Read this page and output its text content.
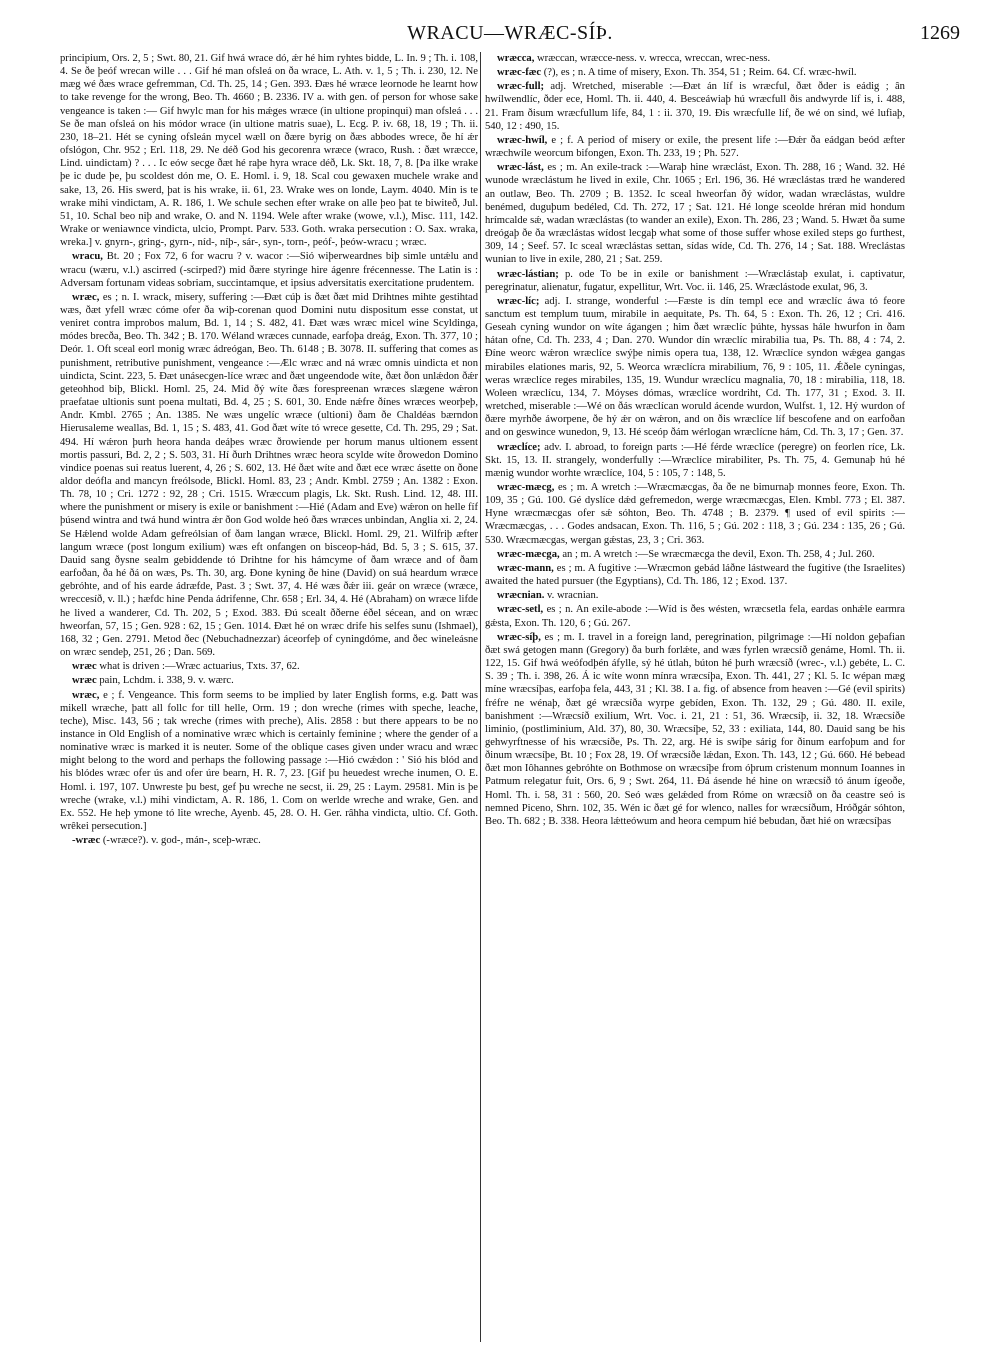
WRACU—WRÆC-SÍÞ.	1269

principium, Ors. 2, 5 ; Swt. 80, 21. Gif hwá wrace dó, ǽr hé him ryhtes bidde, L. In. 9 ; Th. i. 108, 4. Se ðe þeóf wrecan wille . . . Gif hé man ofsleá on ða wrace, L. Ath. v. 1, 5 ; Th. i. 230, 12. Ne mæg wé ðæs wrace gefremman, Cd. Th. 25, 14 ; Gen. 393. Ðæs hé wræce leornode he learnt how to take revenge for the wrong, Beo. Th. 4660 ; B. 2336. IV a. with gen. of person for whose sake vengeance is taken :— Gif hwylc man for his mǽges wræce (in ultione propinqui) man ofsleá . . . Se ðe man ofsleá on his módor wrace (in ultione matris suae), L. Ecg. P. iv. 68, 18, 19 ; Th. ii. 230, 18–21. Hét se cyning ofsleán mycel wæll on ðære byrig on ðæs abbodes wrece, ðe hí ǽr ofslógon, Chr. 952 ; Erl. 118, 29. Ne déð God his gecorenra wræce (wraco, Rush. : ðæt wræcce, Lind. uindictam) ? . . . Ic eów secge ðæt hé raþe hyra wrace déð, Lk. Skt. 18, 7, 8. [Þa ilke wrake þe ic dude þe, þu scoldest dón me, O. E. Homl. i. 9, 18. Scal cou gewaxen muchele wrake and sake, 13, 26. His swerd, þat is his wrake, ii. 61, 23. Wrake wes on londe, Laym. 4040. Min is te wrake mihi vindictam, A. R. 186, 1. We schule sechen efter wrake on alle þeo þat te biwiteð, Jul. 51, 10. Schal beo niþ and wrake, O. and N. 1194. Wele after wrake (wowe, v.l.), Misc. 111, 142. Wrake or weniawnce vindicta, ulcio, Prompt. Parv. 533. Goth. wraka persecution : O. Sax. wraka, wreka.] v. gnyrn-, gring-, gyrn-, níd-, níþ-, sár-, syn-, torn-, peóf-, þeów-wracu ; wræc.

wracu, Bt. 20 ; Fox 72, 6 for wacru ? v. wacor :—Sió wiþerweardnes biþ simle untǽlu and wracu (wæru, v.l.) ascirred (-scirped?) mid ðære styringe hire ágenre frécennesse. The Latin is : Adversam fortunam videas sobriam, succintamque, et ipsius adversitatis exercitatione prudentem.

wræc, es ; n. I. wrack, misery, suffering :—Ðæt cúþ is ðæt ðæt mid Drihtnes mihte gestihtad wæs, ðæt yfell wræc cóme ofer ða wiþ-corenan quod Domini nutu dispositum esse constat, ut veniret contra improbos malum, Bd. 1, 14 ; S. 482, 41. Ðæt wæs wræc micel wine Scyldinga, módes brecða, Beo. Th. 342 ; B. 170. Wéland wræces cunnade, earfoþa dreág, Exon. Th. 377, 10 ; Deór. 1. Oft sceal eorl monig wræc ádreógan, Beo. Th. 6148 ; B. 3078. II. suffering that comes as punishment, retributive punishment, vengeance :—Ælc wræc and ná wræc omnis uindicta et non uindicta, Scint. 223, 5. Ðæt unásecgen-líce wræc and ðæt ungeendode wíte, ðæt ðon unlǽdon ðǽr geteohhod biþ, Blickl. Homl. 25, 24. Mid ðý wíte ðæs forespreenan wræces slægene wǽron praefatae ultionis sunt poena multati, Bd. 4, 25 ; S. 601, 30. Ende nǽfre ðínes wræces weorþeþ, Andr. Kmbl. 2765 ; An. 1385. Ne wæs ungelíc wræce (ultioni) ðam ðe Chaldéas bærndon Hierusaleme weallas, Bd. 1, 15 ; S. 483, 41. God ðæt wíte tó wrece gesette, Cd. Th. 295, 29 ; Sat. 494. Hí wǽron þurh heora handa deáþes wræc ðrowiende per horum manus ultionem essent mortis passuri, Bd. 2, 2 ; S. 503, 31. Hí ðurh Drihtnes wræc heora scylde wíte ðrowedon Domino vindice poenas sui reatus luerent, 4, 26 ; S. 602, 13. Hé ðæt wíte and ðæt ece wræc ásette on ðone aldor deófla and mancyn freólsode, Blickl. Homl. 83, 23 ; Andr. Kmbl. 2759 ; An. 1382 : Exon. Th. 78, 10 ; Cri. 1272 : 92, 28 ; Cri. 1515. Wræccum plagis, Lk. Skt. Rush. Lind. 12, 48. III. where the punishment or misery is exile or banishment :—Hié (Adam and Eve) wǽron on helle fíf þúsend wintra and twá hund wintra ǽr ðon God wolde heó ðæs wræces unbindan, Anglia xi. 2, 24. Se Hǽlend wolde Adam gefreólsian of ðam langan wræce, Blickl. Homl. 29, 21. Wilfriþ æfter langum wræce (post longum exilium) wæs eft onfangen on bisceop-hád, Bd. 5, 3 ; S. 615, 37. Dauid sang ðysne sealm gebiddende tó Drihtne for his hámcyme of ðam wræce and of ðam earfoðan, ða hé ðá on wæs, Ps. Th. 30, arg. Ðone kyning ðe hine (David) on suá heardum wræce gebróhte, and of his earde ádræfde, Past. 3 ; Swt. 37, 4. Hé wæs ðǽr iii. geár on wræce (wræce, wreccesíð, v. ll.) ; hæfdc hine Penda ádrifenne, Chr. 658 ; Erl. 34, 4. Hé (Abraham) on wræce lifde he lived a wanderer, Cd. Th. 202, 5 ; Exod. 383. Ðú scealt ððerne éðel sécean, and on wræc hweorfan, 57, 15 ; Gen. 928 : 62, 15 ; Gen. 1014. Ðæt hé on wræc drife his selfes sunu (Ishmael), 168, 32 ; Gen. 2791. Metod ðec (Nebuchadnezzar) áceorfeþ of cyningdóme, and ðec wineleásne on wræc sendeþ, 251, 26 ; Dan. 569.

wræc what is driven :—Wræc actuarius, Txts. 37, 62.

wræc pain, Lchdm. i. 338, 9. v. wærc.

wræc, e ; f. Vengeance. This form seems to be implied by later English forms, e.g. Þatt was mikell wræche, þatt all follc for till helle, Orm. 19 ; don wreche (rimes with speche, leache, teche), Misc. 143, 56 ; tak wreche (rimes with preche), Alis. 2858 : but there appears to be no instance in Old English of a nominative wræc which is certainly feminine ; where the gender of a nominative wræc is marked it is neuter. Some of the oblique cases given under wracu and wræc might belong to the word and perhaps the following passage :—Hió cwǽdon : ' Sió his blód and his blódes wræc ofer ús and ofer úre bearn, H. R. 7, 23. [Gif þu heuedest wreche inumen, O. E. Homl. i. 197, 107. Unwreste þu best, gef þu wreche ne secst, ii. 29, 25 : Laym. 29581. Min is þe wreche (wrake, v.l.) mihi vindictam, A. R. 186, 1. Com on werlde wreche and wrake, Gen. and Ex. 552. He heþ ymone tó lite wreche, Ayenb. 45, 28. O. H. Ger. râhha vindicta, ultio. Cf. Goth. wrêkei persecution.]

-wræc (-wræce?). v. god-, mán-, sceþ-wræc.

wræcca, wræccan, wræcce-ness. v. wrecca, wreccan, wrec-ness.

wræc-fæc (?), es ; n. A time of misery, Exon. Th. 354, 51 ; Reim. 64. Cf. wræc-hwíl.

wræc-full; adj. Wretched, miserable :—Ðæt án líf is wræcful, ðæt ðder is eádig ; ân hwílwendlíc, ðder ece, Homl. Th. ii. 440, 4. Besceáwiaþ hú wræcfull ðis andwyrde líf is, i. 488, 21. Fram ðisum wræcfullum lífe, 84, 1 : ii. 370, 19. Ðis wræcfulle líf, ðe wé on sind, wé lufiaþ, 540, 12 : 490, 15.

wræc-hwíl, e ; f. A period of misery or exile, the present life :—Ðǽr ða eádgan beód æfter wræchwíle weorcum bifongen, Exon. Th. 233, 19 ; Ph. 527.

wræc-lást, es ; m. An exile-track :—Waraþ hine wræclást, Exon. Th. 288, 16 ; Wand. 32. Hé wunode wræclástum he lived in exile, Chr. 1065 ; Erl. 196, 36. Hé wræclástas træd he wandered an outlaw, Beo. Th. 2709 ; B. 1352. Ic sceal hweorfan ðý wídor, wadan wræclástas, wuldre benémed, duguþum bedéled, Cd. Th. 272, 17 ; Sat. 121. Hé longe sceolde hréran mid hondum hrímcalde sǽ, wadan wræclástas (to wander an exile), Exon. Th. 286, 23 ; Wand. 5. Hwæt ða sume dreógaþ ðe ða wræclástas wídost lecgaþ what some of those suffer whose exiled steps go furthest, 309, 14 ; Seef. 57. Ic sceal wræclástas settan, sídas wíde, Cd. Th. 276, 14 ; Sat. 188. Wreclástas wunian to live in exile, 280, 21 ; Sat. 259.

wræc-lástian; p. ode To be in exile or banishment :—Wræclástaþ exulat, i. captivatur, peregrinatur, alienatur, fugatur, expellitur, Wrt. Voc. ii. 146, 25. Wræclástode exulat, 96, 3.

wræc-líc; adj. I. strange, wonderful :—Fæste is dín templ ece and wræclíc áwa tó feore sanctum est templum tuum, mirabile in aequitate, Ps. Th. 64, 5 : Exon. Th. 26, 12 ; Cri. 416. Geseah cyning wundor on wíte ágangen ; him ðæt wræclíc þúhte, hyssas hále hwurfon in ðam hátan ofne, Cd. Th. 233, 4 ; Dan. 270. Wundor dín wræclíc mirabilia tua, Ps. Th. 88, 4 : 74, 2. Ðíne weorc wǽron wræclíce swýþe nimis opera tua, 138, 12. Wræclíce syndon wǽgea gangas mirabiles elationes maris, 92, 5. Weorca wræclícra mirabilium, 76, 9 : 105, 11. Ǽðele cyningas, weras wræclíce reges mirabiles, 135, 19. Wundur wræclícu magnalia, 70, 18 : mirabilia, 118, 18. Woleen wræclícu, 134, 7. Móyses dómas, wræclíce wordriht, Cd. Th. 177, 31 ; Exod. 3. II. wretched, miserable :—Wé on ðás wræclícan woruld ácende wurdon, Wulfst. 1, 12. Hý wurdon of ðære myrhðe áworpene, ðe hý ǽr on wǽron, and on ðis wræclíce líf bescofene and on earfoðan and on geswince wunedon, 9, 13. Hé sceóp ðám wérlogan wræclícne hám, Cd. Th. 3, 17 ; Gen. 37.

wræclíce; adv. I. abroad, to foreign parts :—Hé férde wræclíce (peregre) on feorlen ríce, Lk. Skt. 15, 13. II. strangely, wonderfully :—Wræclíce mirabiliter, Ps. Th. 75, 4. Gemunaþ hú hé mænig wundor worhte wræclíce, 104, 5 : 105, 7 : 148, 5.

wræc-mæcg, es ; m. A wretch :—Wræcmæcgas, ða ðe ne bimurnaþ monnes feore, Exon. Th. 109, 35 ; Gú. 100. Gé dyslíce dǽd gefremedon, werge wræcmæcgas, Elen. Kmbl. 773 ; El. 387. Hyne wræcmæcgas ofer sǽ sóhton, Beo. Th. 4748 ; B. 2379. ¶ used of evil spirits :—Wræcmæcgas, . . . Godes andsacan, Exon. Th. 116, 5 ; Gú. 202 : 118, 3 ; Gú. 234 : 135, 26 ; Gú. 530. Wræcmæcgas, wergan gǽstas, 23, 3 ; Cri. 363.

wræc-mæcga, an ; m. A wretch :—Se wræcmæcga the devil, Exon. Th. 258, 4 ; Jul. 260.

wræc-mann, es ; m. A fugitive :—Wræcmon gebád láðne lástweard the fugitive (the Israelites) awaited the hated pursuer (the Egyptians), Cd. Th. 186, 12 ; Exod. 137.

wræcnian. v. wracnian.

wræc-setl, es ; n. An exile-abode :—Wíd is ðes wésten, wræcsetla fela, eardas onhǽle earmra gǽsta, Exon. Th. 120, 6 ; Gú. 267.

wræc-síþ, es ; m. I. travel in a foreign land, peregrination, pilgrimage :—Hí noldon geþafian ðæt swá getogen mann (Gregory) ða burh forlǽte, and wæs fyrlen wræcsíð genáme, Homl. Th. ii. 122, 15. Gif hwá weófodþén áfylle, sý hé útlah, búton hé þurh wræcsíð (wrec-, v.l.) gebéte, L. C. S. 39 ; Th. i. 398, 26. Á ic wíte wonn mínra wræcsíþa, Exon. Th. 441, 27 ; Kl. 5. Ic wépan mæg míne wræcsíþas, earfoþa fela, 443, 31 ; Kl. 38. I a. fig. of absence from heaven :—Gé (evil spirits) fréfre ne wénaþ, ðæt gé wræcsíða wyrpe gebíden, Exon. Th. 132, 29 ; Gú. 480. II. exile, banishment :—Wræcsíð exilium, Wrt. Voc. i. 21, 21 : 51, 36. Wræcsíþ, ii. 32, 18. Wræcsíðe liminio, (postliminium, Ald. 37), 80, 30. Wræcsíþe, 52, 33 : exiliata, 144, 80. Dauid sang be his gehwyrftnesse of his wræcsíðe, Ps. Th. 22, arg. Hé is swíþe sárig for ðinum earfoþum and for ðinum wræcsíþe, Bt. 10 ; Fox 28, 19. Of wræcsíðe lǽdan, Exon. Th. 143, 12 ; Gú. 660. Hé bebead ðæt mon Iôhannes gebróhte on Bothmose on wræcsíþe from óþrum cristenum monnum Ioannes in Patmum relegatur fuit, Ors. 6, 9 ; Swt. 264, 11. Ðá ásende hé hine on wræcsíð tó ánum ígeoðe, Homl. Th. i. 58, 31 : 560, 20. Seó wæs gelǽded from Róme on wræcsíð on ða ceastre seó is nemned Piceno, Shrn. 102, 35. Wén ic ðæt gé for wlenco, nalles for wræcsíðum, Hróðgár sóhton, Beo. Th. 682 ; B. 338. Heora lǽtteówum and heora cempum hié bebudan, ðæt hié on wræcsíþas
